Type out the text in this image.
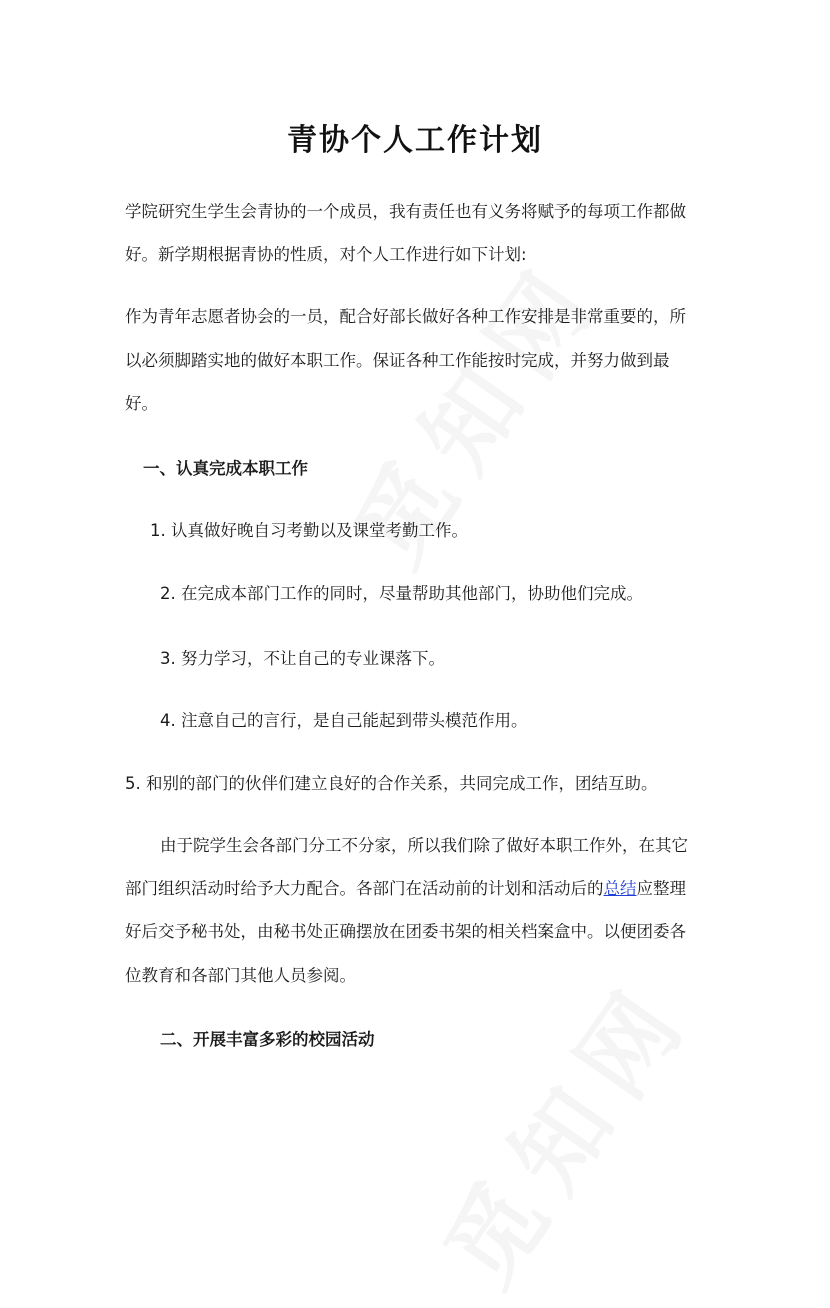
青协个人工作计划
学院研究生学生会青协的一个成员，我有责任也有义务将赋予的每项工作都做
好。新学期根据青协的性质，对个人工作进行如下计划:
作为青年志愿者协会的一员，配合好部长做好各种工作安排是非常重要的，所
以必须脚踏实地的做好本职工作。保证各种工作能按时完成，并努力做到最
好。
一、认真完成本职工作
1. 认真做好晚自习考勤以及课堂考勤工作。
2. 在完成本部门工作的同时，尽量帮助其他部门，协助他们完成。
3. 努力学习，不让自己的专业课落下。
4. 注意自己的言行，是自己能起到带头模范作用。
5. 和别的部门的伙伴们建立良好的合作关系，共同完成工作，团结互助。
由于院学生会各部门分工不分家，所以我们除了做好本职工作外，在其它
部门组织活动时给予大力配合。各部门在活动前的计划和活动后的总结应整理
好后交予秘书处，由秘书处正确摆放在团委书架的相关档案盒中。以便团委各
位教育和各部门其他人员参阅。
二、开展丰富多彩的校园活动
